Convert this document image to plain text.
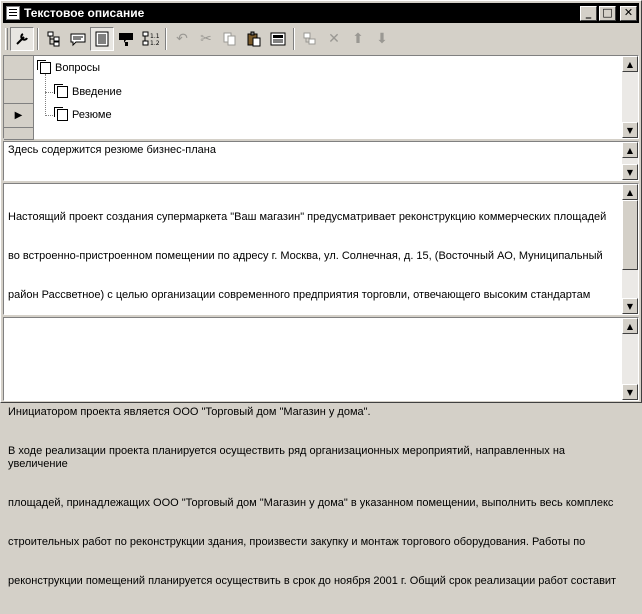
Текстовое описание	_	□	✕
1.1
1.2	↶ ✂	✕ ⬆ ⬇
▶
Вопросы
Введение
Резюме
▲
▼
Здесь содержится резюме бизнес-плана	▲
▼

Настоящий проект создания супермаркета "Ваш магазин" предусматривает реконструкцию коммерческих площадей

во встроенно-пристроенном помещении по адресу г. Москва, ул. Солнечная, д. 15, (Восточный АО, Муниципальный

район Рассветное) с целью организации современного предприятия торговли, отвечающего высоким стандартам

Инициатором проекта является ООО "Торговый дом "Магазин у дома".

В ходе реализации проекта планируется осуществить ряд организационных мероприятий, направленных на увеличение

площадей, принадлежащих ООО "Торговый дом "Магазин у дома" в указанном помещении, выполнить весь комплекс

строительных работ по реконструкции здания, произвести закупку и монтаж торгового оборудования. Работы по

реконструкции помещений планируется осуществить в срок до ноября 2001 г. Общий срок реализации работ составит

▲
▼
▲
▼
